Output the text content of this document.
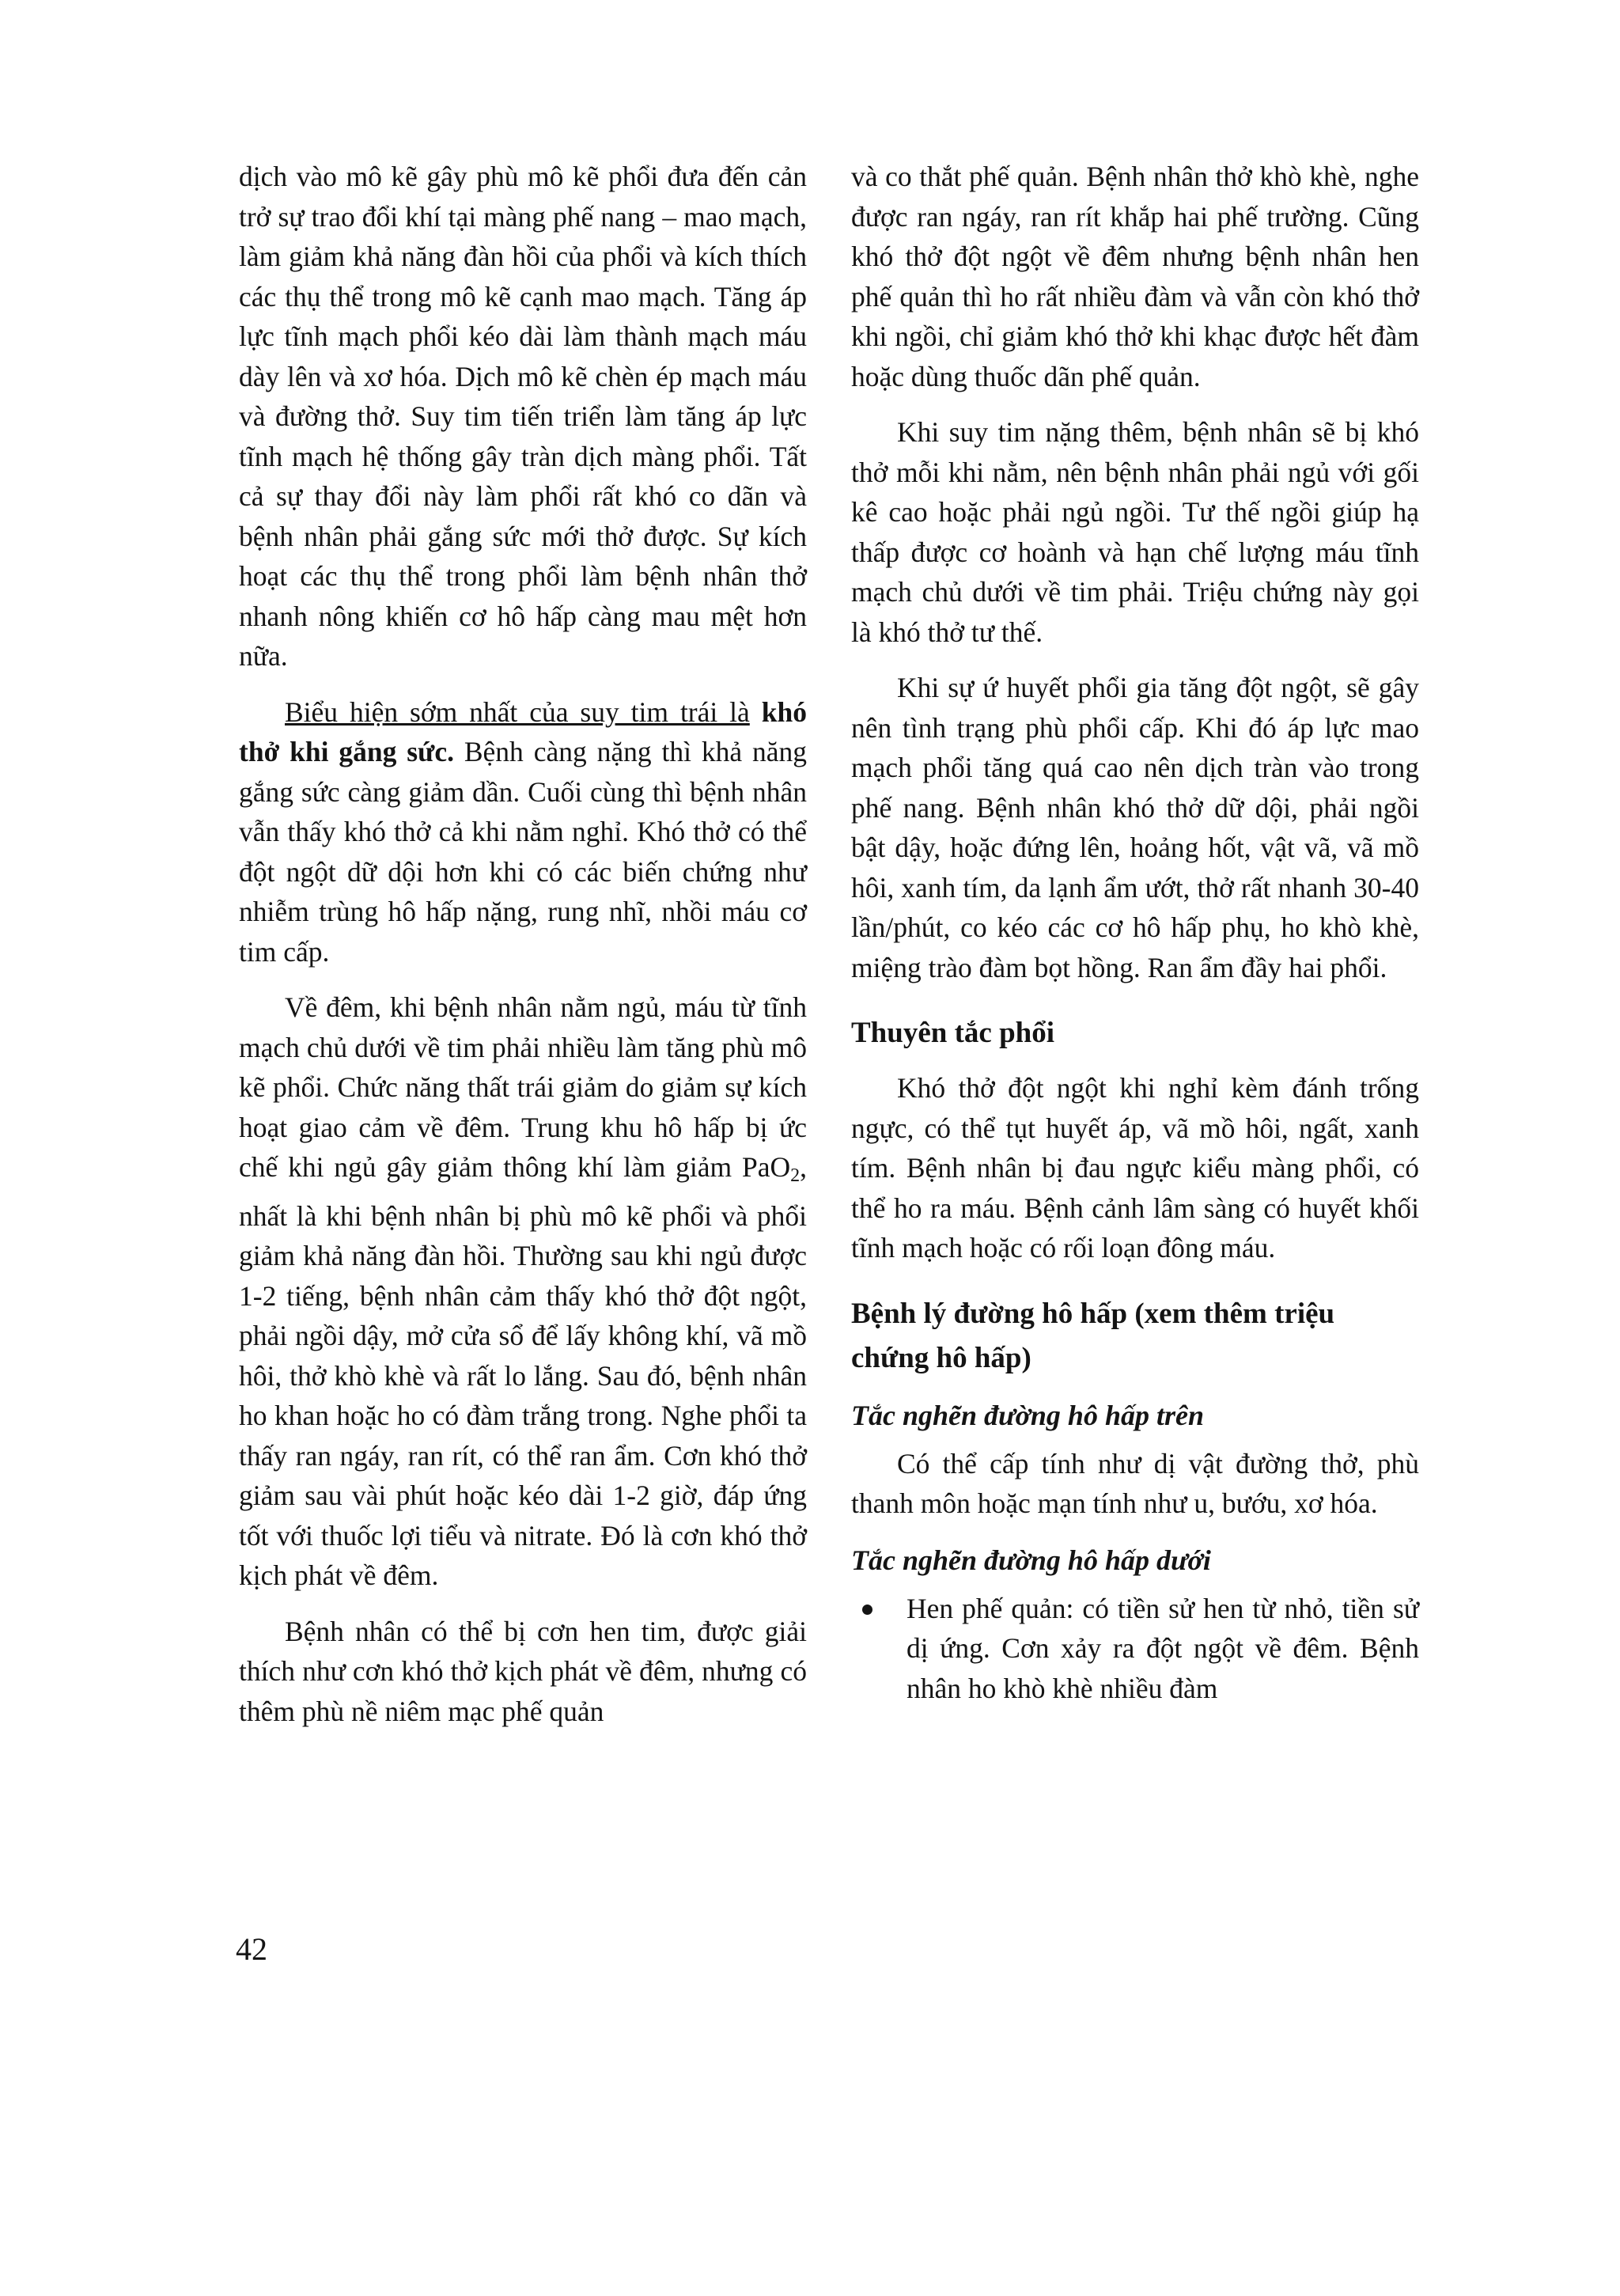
dịch vào mô kẽ gây phù mô kẽ phổi đưa đến cản trở sự trao đổi khí tại màng phế nang – mao mạch, làm giảm khả năng đàn hồi của phổi và kích thích các thụ thể trong mô kẽ cạnh mao mạch. Tăng áp lực tĩnh mạch phổi kéo dài làm thành mạch máu dày lên và xơ hóa. Dịch mô kẽ chèn ép mạch máu và đường thở. Suy tim tiến triển làm tăng áp lực tĩnh mạch hệ thống gây tràn dịch màng phổi. Tất cả sự thay đổi này làm phổi rất khó co dãn và bệnh nhân phải gắng sức mới thở được. Sự kích hoạt các thụ thể trong phổi làm bệnh nhân thở nhanh nông khiến cơ hô hấp càng mau mệt hơn nữa.

Biểu hiện sớm nhất của suy tim trái là khó thở khi gắng sức. Bệnh càng nặng thì khả năng gắng sức càng giảm dần. Cuối cùng thì bệnh nhân vẫn thấy khó thở cả khi nằm nghỉ. Khó thở có thể đột ngột dữ dội hơn khi có các biến chứng như nhiễm trùng hô hấp nặng, rung nhĩ, nhồi máu cơ tim cấp.

Về đêm, khi bệnh nhân nằm ngủ, máu từ tĩnh mạch chủ dưới về tim phải nhiều làm tăng phù mô kẽ phổi. Chức năng thất trái giảm do giảm sự kích hoạt giao cảm về đêm. Trung khu hô hấp bị ức chế khi ngủ gây giảm thông khí làm giảm PaO$_2$, nhất là khi bệnh nhân bị phù mô kẽ phổi và phổi giảm khả năng đàn hồi. Thường sau khi ngủ được 1-2 tiếng, bệnh nhân cảm thấy khó thở đột ngột, phải ngồi dậy, mở cửa sổ để lấy không khí, vã mồ hôi, thở khò khè và rất lo lắng. Sau đó, bệnh nhân ho khan hoặc ho có đàm trắng trong. Nghe phổi ta thấy ran ngáy, ran rít, có thể ran ẩm. Cơn khó thở giảm sau vài phút hoặc kéo dài 1-2 giờ, đáp ứng tốt với thuốc lợi tiểu và nitrate. Đó là cơn khó thở kịch phát về đêm.

Bệnh nhân có thể bị cơn hen tim, được giải thích như cơn khó thở kịch phát về đêm, nhưng có thêm phù nề niêm mạc phế quản

và co thắt phế quản. Bệnh nhân thở khò khè, nghe được ran ngáy, ran rít khắp hai phế trường. Cũng khó thở đột ngột về đêm nhưng bệnh nhân hen phế quản thì ho rất nhiều đàm và vẫn còn khó thở khi ngồi, chỉ giảm khó thở khi khạc được hết đàm hoặc dùng thuốc dãn phế quản.

Khi suy tim nặng thêm, bệnh nhân sẽ bị khó thở mỗi khi nằm, nên bệnh nhân phải ngủ với gối kê cao hoặc phải ngủ ngồi. Tư thế ngồi giúp hạ thấp được cơ hoành và hạn chế lượng máu tĩnh mạch chủ dưới về tim phải. Triệu chứng này gọi là khó thở tư thế.

Khi sự ứ huyết phổi gia tăng đột ngột, sẽ gây nên tình trạng phù phổi cấp. Khi đó áp lực mao mạch phổi tăng quá cao nên dịch tràn vào trong phế nang. Bệnh nhân khó thở dữ dội, phải ngồi bật dậy, hoặc đứng lên, hoảng hốt, vật vã, vã mồ hôi, xanh tím, da lạnh ẩm ướt, thở rất nhanh 30-40 lần/phút, co kéo các cơ hô hấp phụ, ho khò khè, miệng trào đàm bọt hồng. Ran ẩm đầy hai phổi.

Thuyên tắc phổi

Khó thở đột ngột khi nghỉ kèm đánh trống ngực, có thể tụt huyết áp, vã mồ hôi, ngất, xanh tím. Bệnh nhân bị đau ngực kiểu màng phổi, có thể ho ra máu. Bệnh cảnh lâm sàng có huyết khối tĩnh mạch hoặc có rối loạn đông máu.

Bệnh lý đường hô hấp (xem thêm triệu chứng hô hấp)
Tắc nghẽn đường hô hấp trên

Có thể cấp tính như dị vật đường thở, phù thanh môn hoặc mạn tính như u, bướu, xơ hóa.

Tắc nghẽn đường hô hấp dưới
Hen phế quản: có tiền sử hen từ nhỏ, tiền sử dị ứng. Cơn xảy ra đột ngột về đêm. Bệnh nhân ho khò khè nhiều đàm
42
